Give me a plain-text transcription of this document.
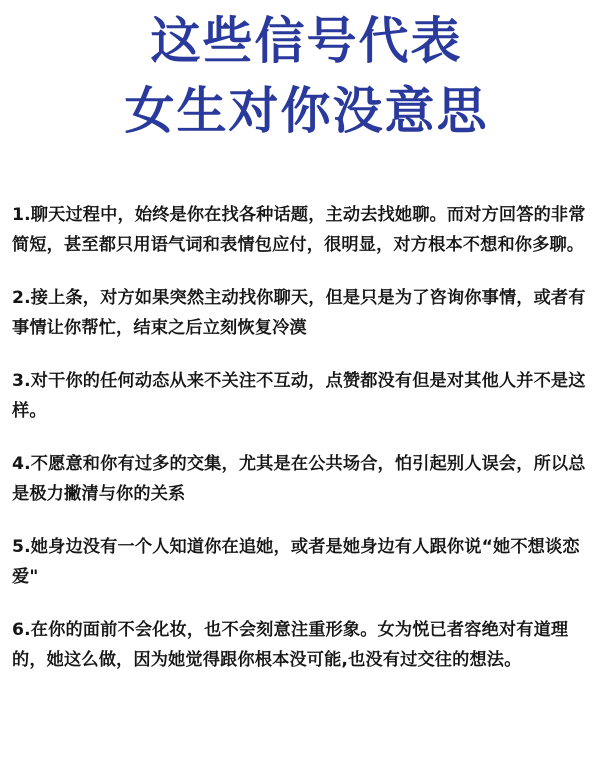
这些信号代表
女生对你没意思
1.聊天过程中，始终是你在找各种话题，主动去找她聊。而对方回答的非常简短，甚至都只用语气词和表情包应付，很明显，对方根本不想和你多聊。
2.接上条，对方如果突然主动找你聊天，但是只是为了咨询你事情，或者有事情让你帮忙，结束之后立刻恢复冷漠
3.对干你的任何动态从来不关注不互动，点赞都没有但是对其他人并不是这样。
4.不愿意和你有过多的交集，尤其是在公共场合，怕引起别人误会，所以总是极力撇清与你的关系
5.她身边没有一个人知道你在追她，或者是她身边有人跟你说“她不想谈恋爱"
6.在你的面前不会化妆，也不会刻意注重形象。女为悦已者容绝对有道理的，她这么做，因为她觉得跟你根本没可能,也没有过交往的想法。
